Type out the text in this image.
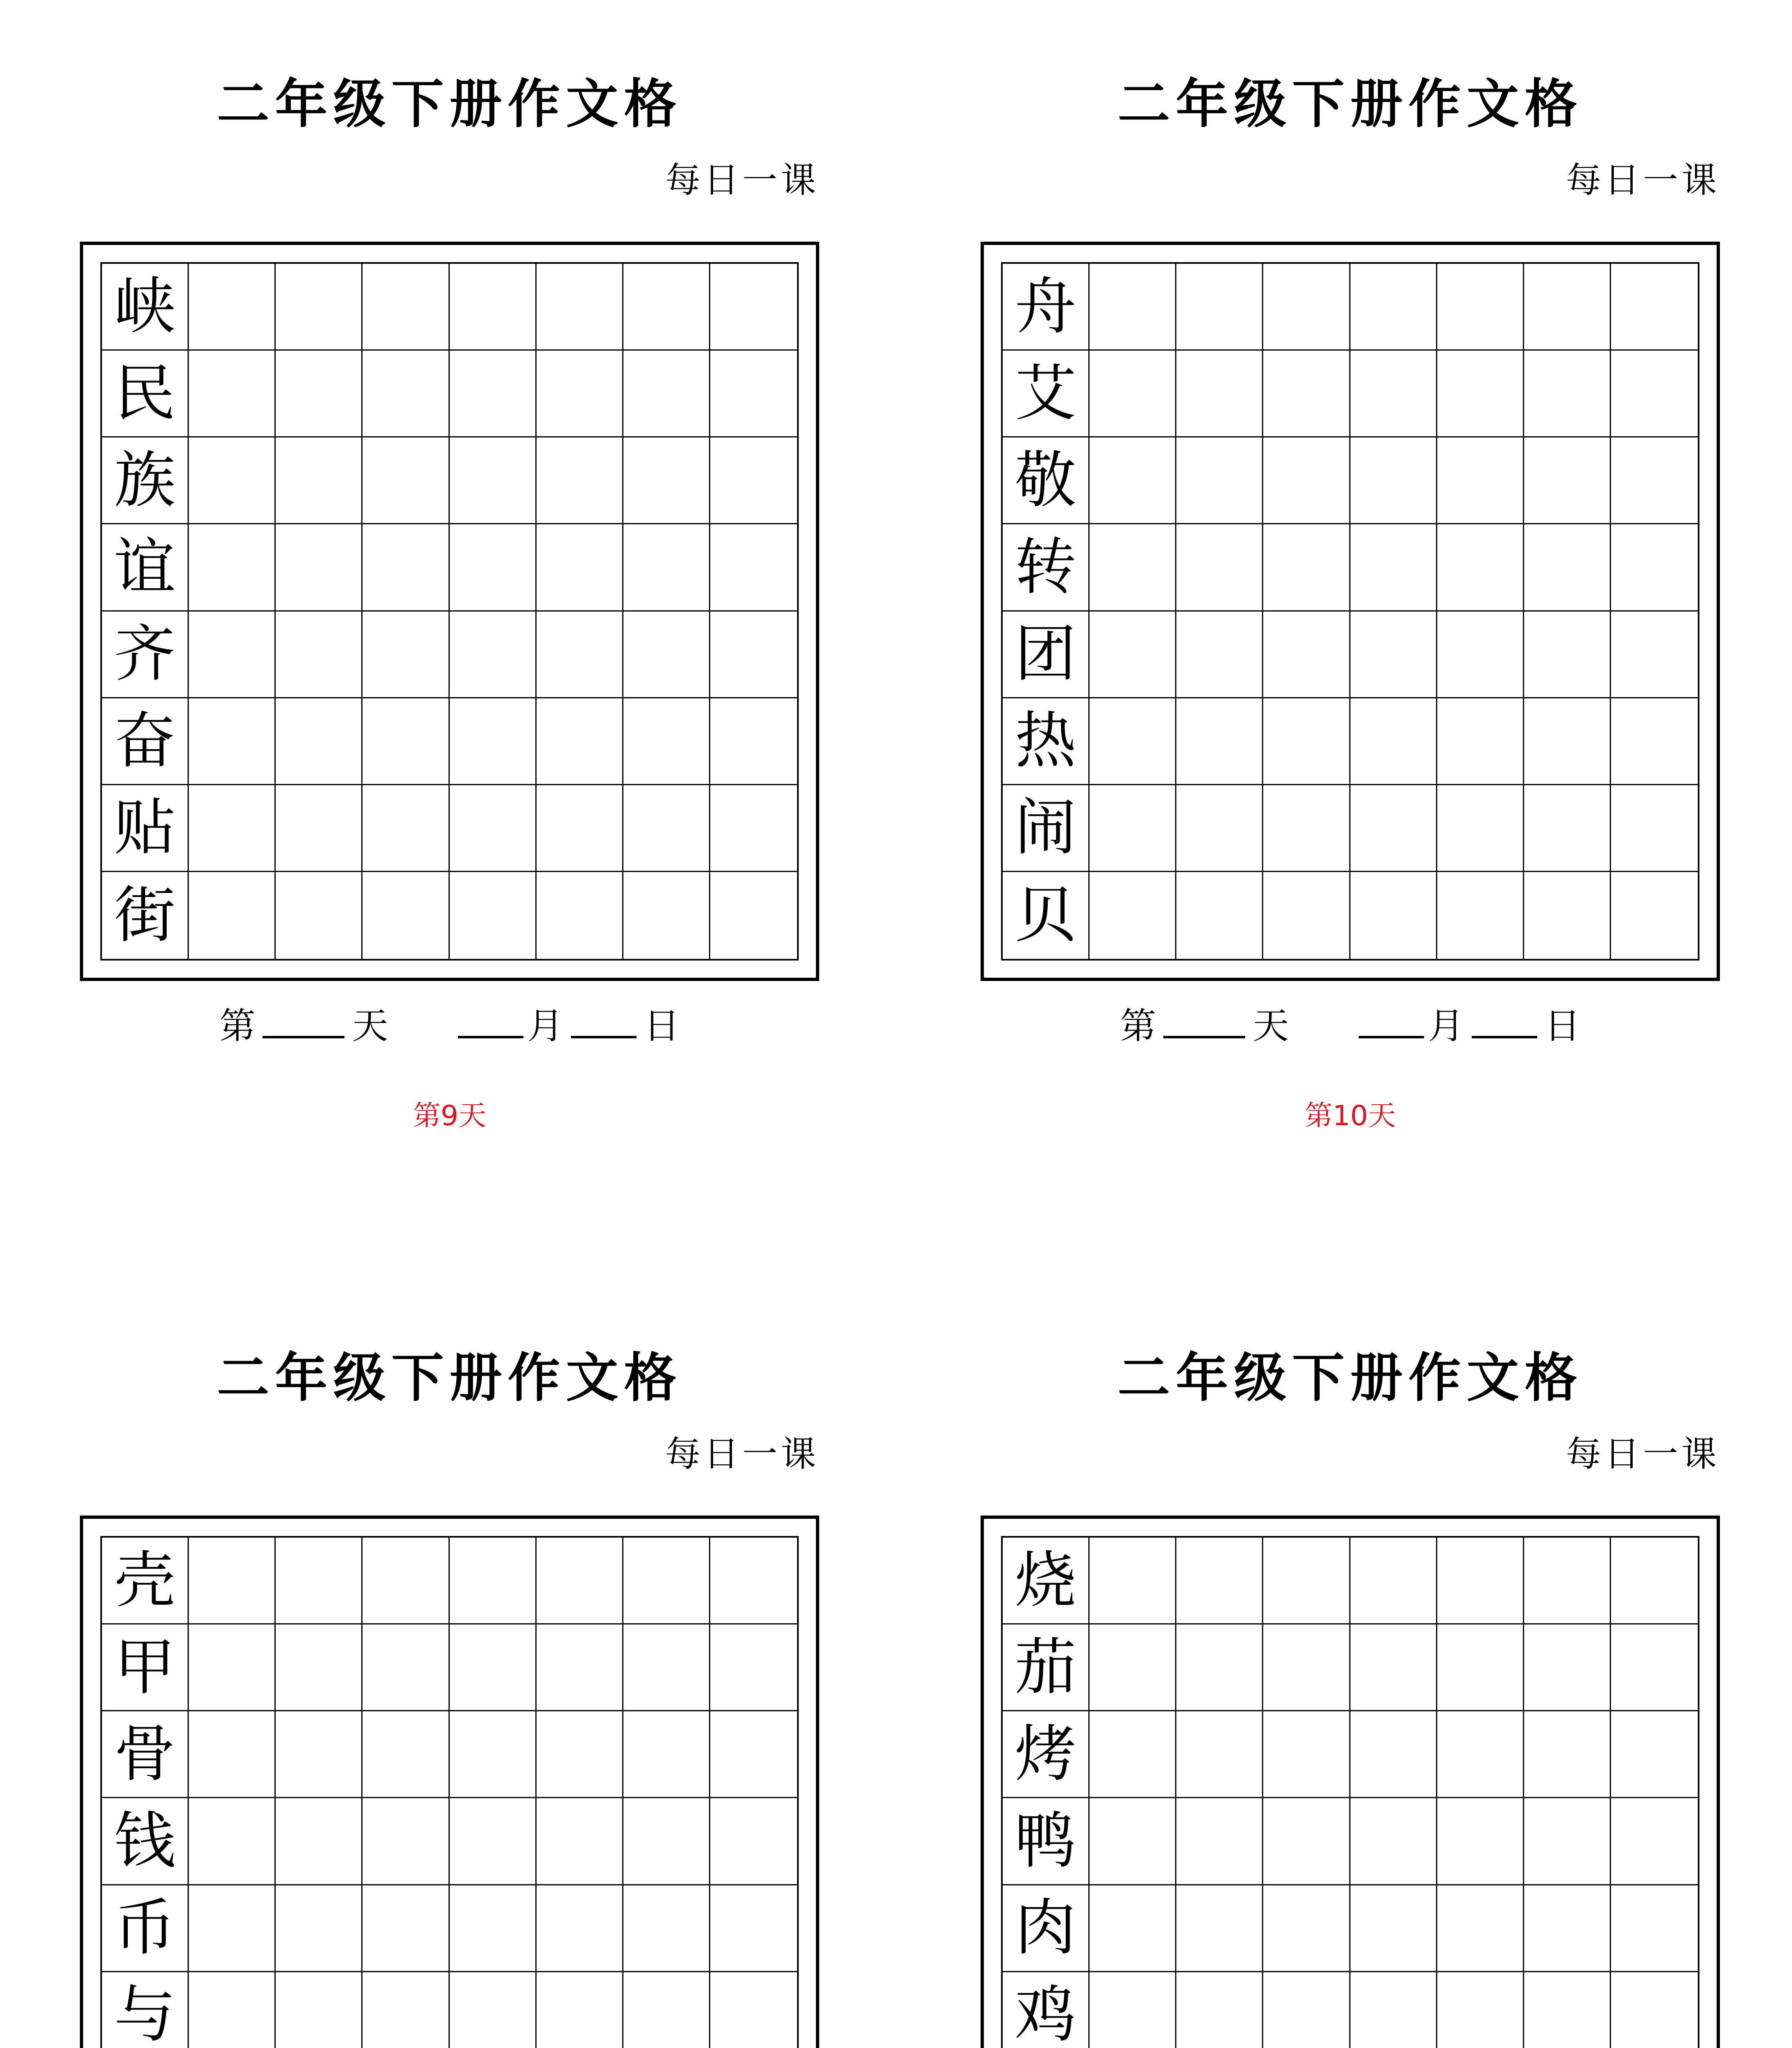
二年级下册作文格
每日一课
峡
民
族
谊
齐
奋
贴
街
第	天	月 日
第9天
二年级下册作文格
每日一课
舟
艾
敬
转
团
热
闹
贝
第	天	月 日
第10天
二年级下册作文格
每日一课
壳
甲
骨
钱
币
与
二年级下册作文格
每日一课
烧
茄
烤
鸭
肉
鸡
